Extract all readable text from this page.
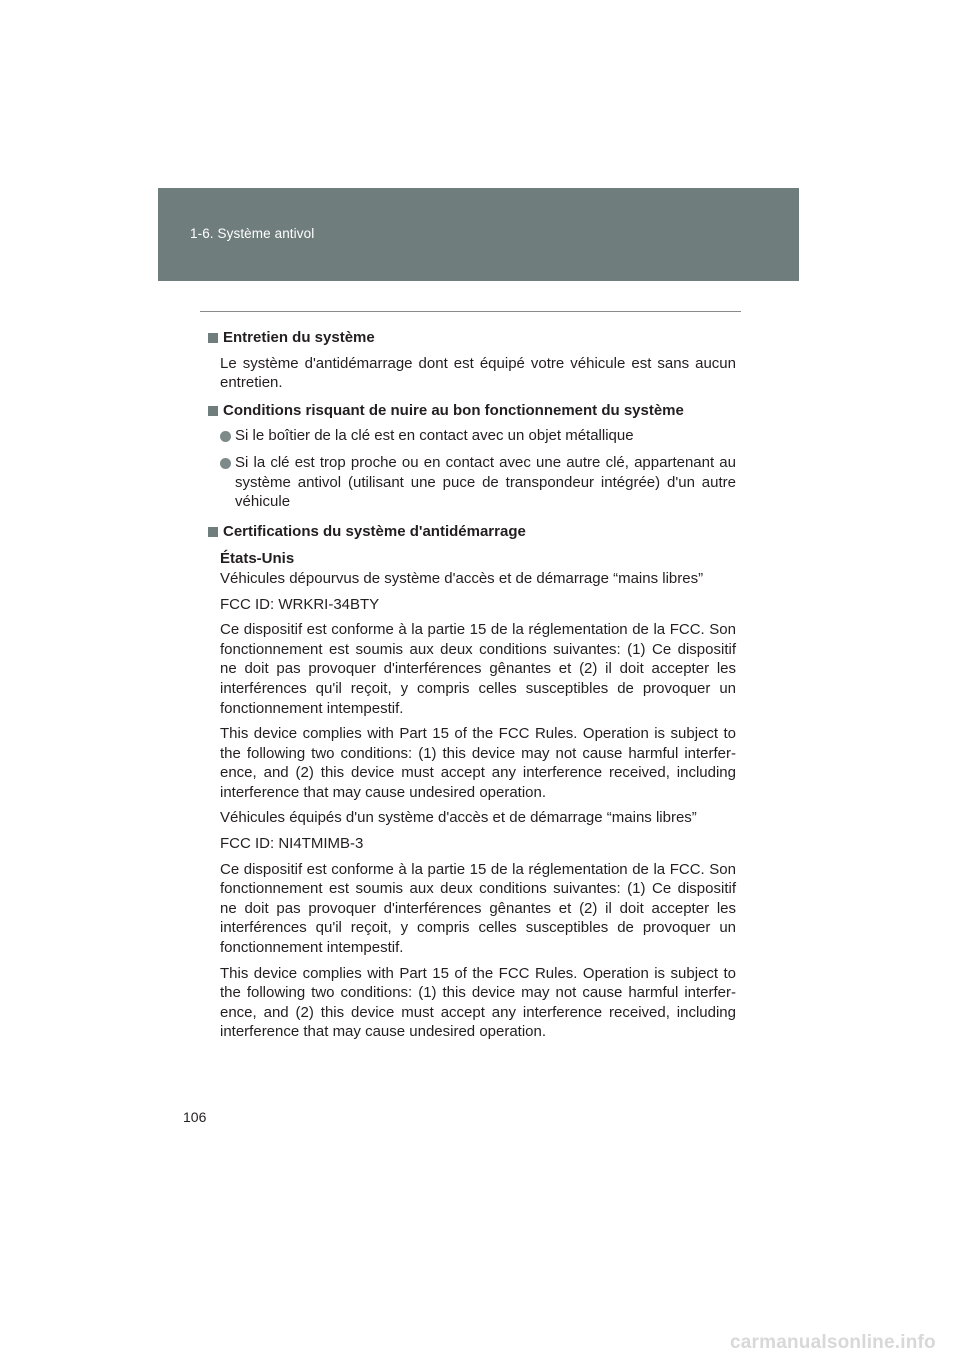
1-6. Système antivol
Entretien du système
Le système d'antidémarrage dont est équipé votre véhicule est sans aucun entretien.
Conditions risquant de nuire au bon fonctionnement du système
Si le boîtier de la clé est en contact avec un objet métallique
Si la clé est trop proche ou en contact avec une autre clé, appartenant au système antivol (utilisant une puce de transpondeur intégrée) d'un autre véhicule
Certifications du système d'antidémarrage
États-Unis
Véhicules dépourvus de système d'accès et de démarrage “mains libres”
FCC ID: WRKRI-34BTY
Ce dispositif est conforme à la partie 15 de la réglementation de la FCC. Son fonctionnement est soumis aux deux conditions suivantes: (1) Ce dispositif ne doit pas provoquer d'interférences gênantes et (2) il doit accepter les interférences qu'il reçoit, y compris celles susceptibles de provoquer un fonctionnement intempestif.
This device complies with Part 15 of the FCC Rules. Operation is subject to the following two conditions: (1) this device may not cause harmful interfer-ence, and (2) this device must accept any interference received, including interference that may cause undesired operation.
Véhicules équipés d'un système d'accès et de démarrage “mains libres”
FCC ID: NI4TMIMB-3
Ce dispositif est conforme à la partie 15 de la réglementation de la FCC. Son fonctionnement est soumis aux deux conditions suivantes: (1) Ce dispositif ne doit pas provoquer d'interférences gênantes et (2) il doit accepter les interférences qu'il reçoit, y compris celles susceptibles de provoquer un fonctionnement intempestif.
This device complies with Part 15 of the FCC Rules. Operation is subject to the following two conditions: (1) this device may not cause harmful interfer-ence, and (2) this device must accept any interference received, including interference that may cause undesired operation.
106
carmanualsonline.info
